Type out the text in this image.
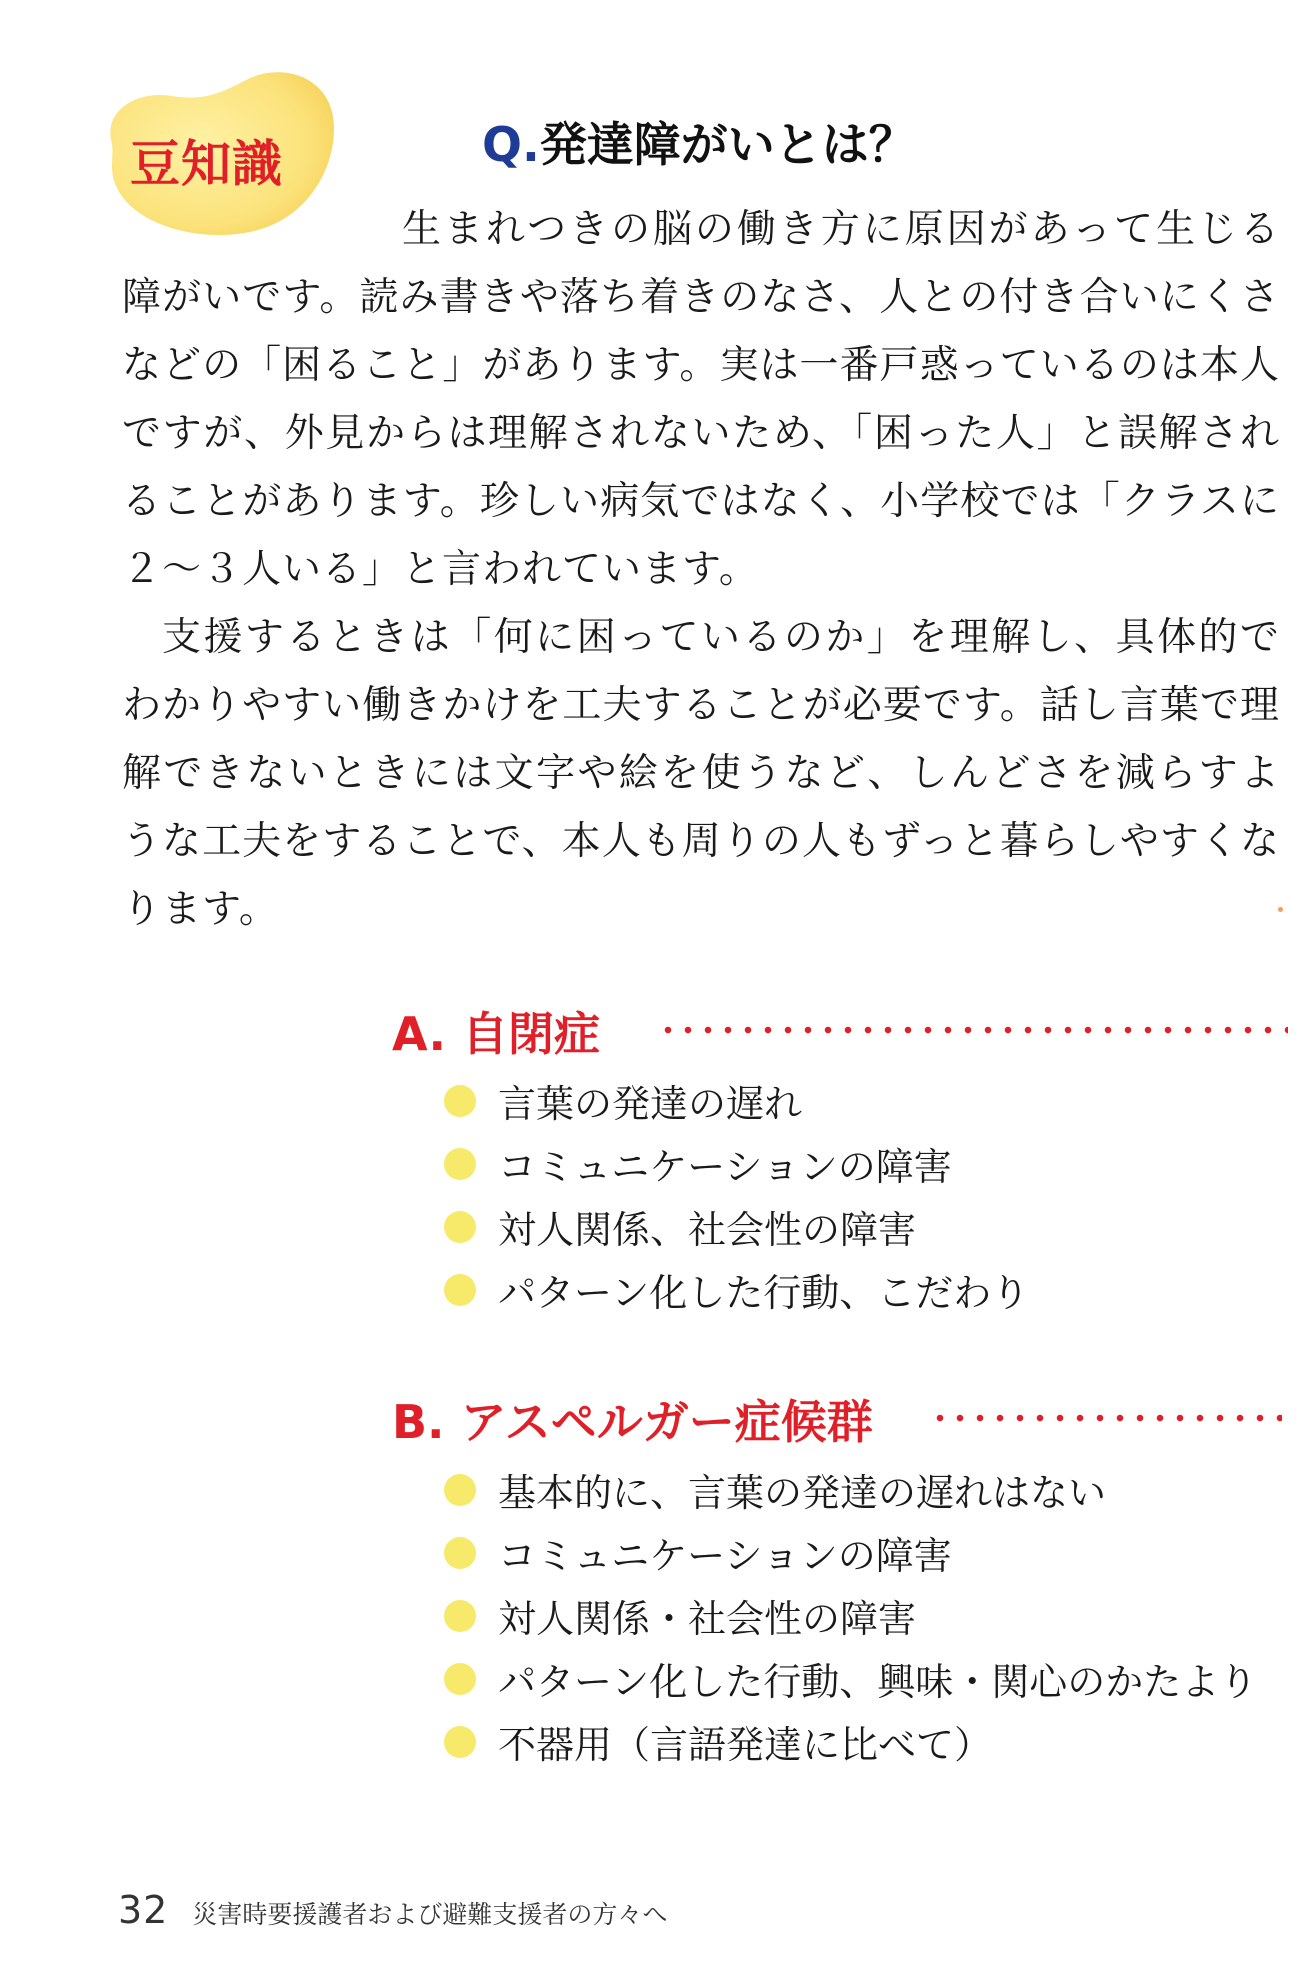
豆知識	Q.発達障がいとは？

生まれつきの脳の働き方に原因があって生じる障がいです。読み書きや落ち着きのなさ、人との付き合いにくさなどの「困ること」があります。実は一番戸惑っているのは本人ですが、外見からは理解されないため、「困った人」と誤解されることがあります。珍しい病気ではなく、小学校では「クラスに２～３人いる」と言われています。

支援するときは「何に困っているのか」を理解し、具体的でわかりやすい働きかけを工夫することが必要です。話し言葉で理解できないときには文字や絵を使うなど、しんどさを減らすような工夫をすることで、本人も周りの人もずっと暮らしやすくなります。

A. 自閉症
言葉の発達の遅れ
コミュニケーションの障害
対人関係、社会性の障害
パターン化した行動、こだわり
B. アスペルガー症候群
基本的に、言葉の発達の遅れはない
コミュニケーションの障害
対人関係・社会性の障害
パターン化した行動、興味・関心のかたより
不器用（言語発達に比べて）
32 災害時要援護者および避難支援者の方々へ
